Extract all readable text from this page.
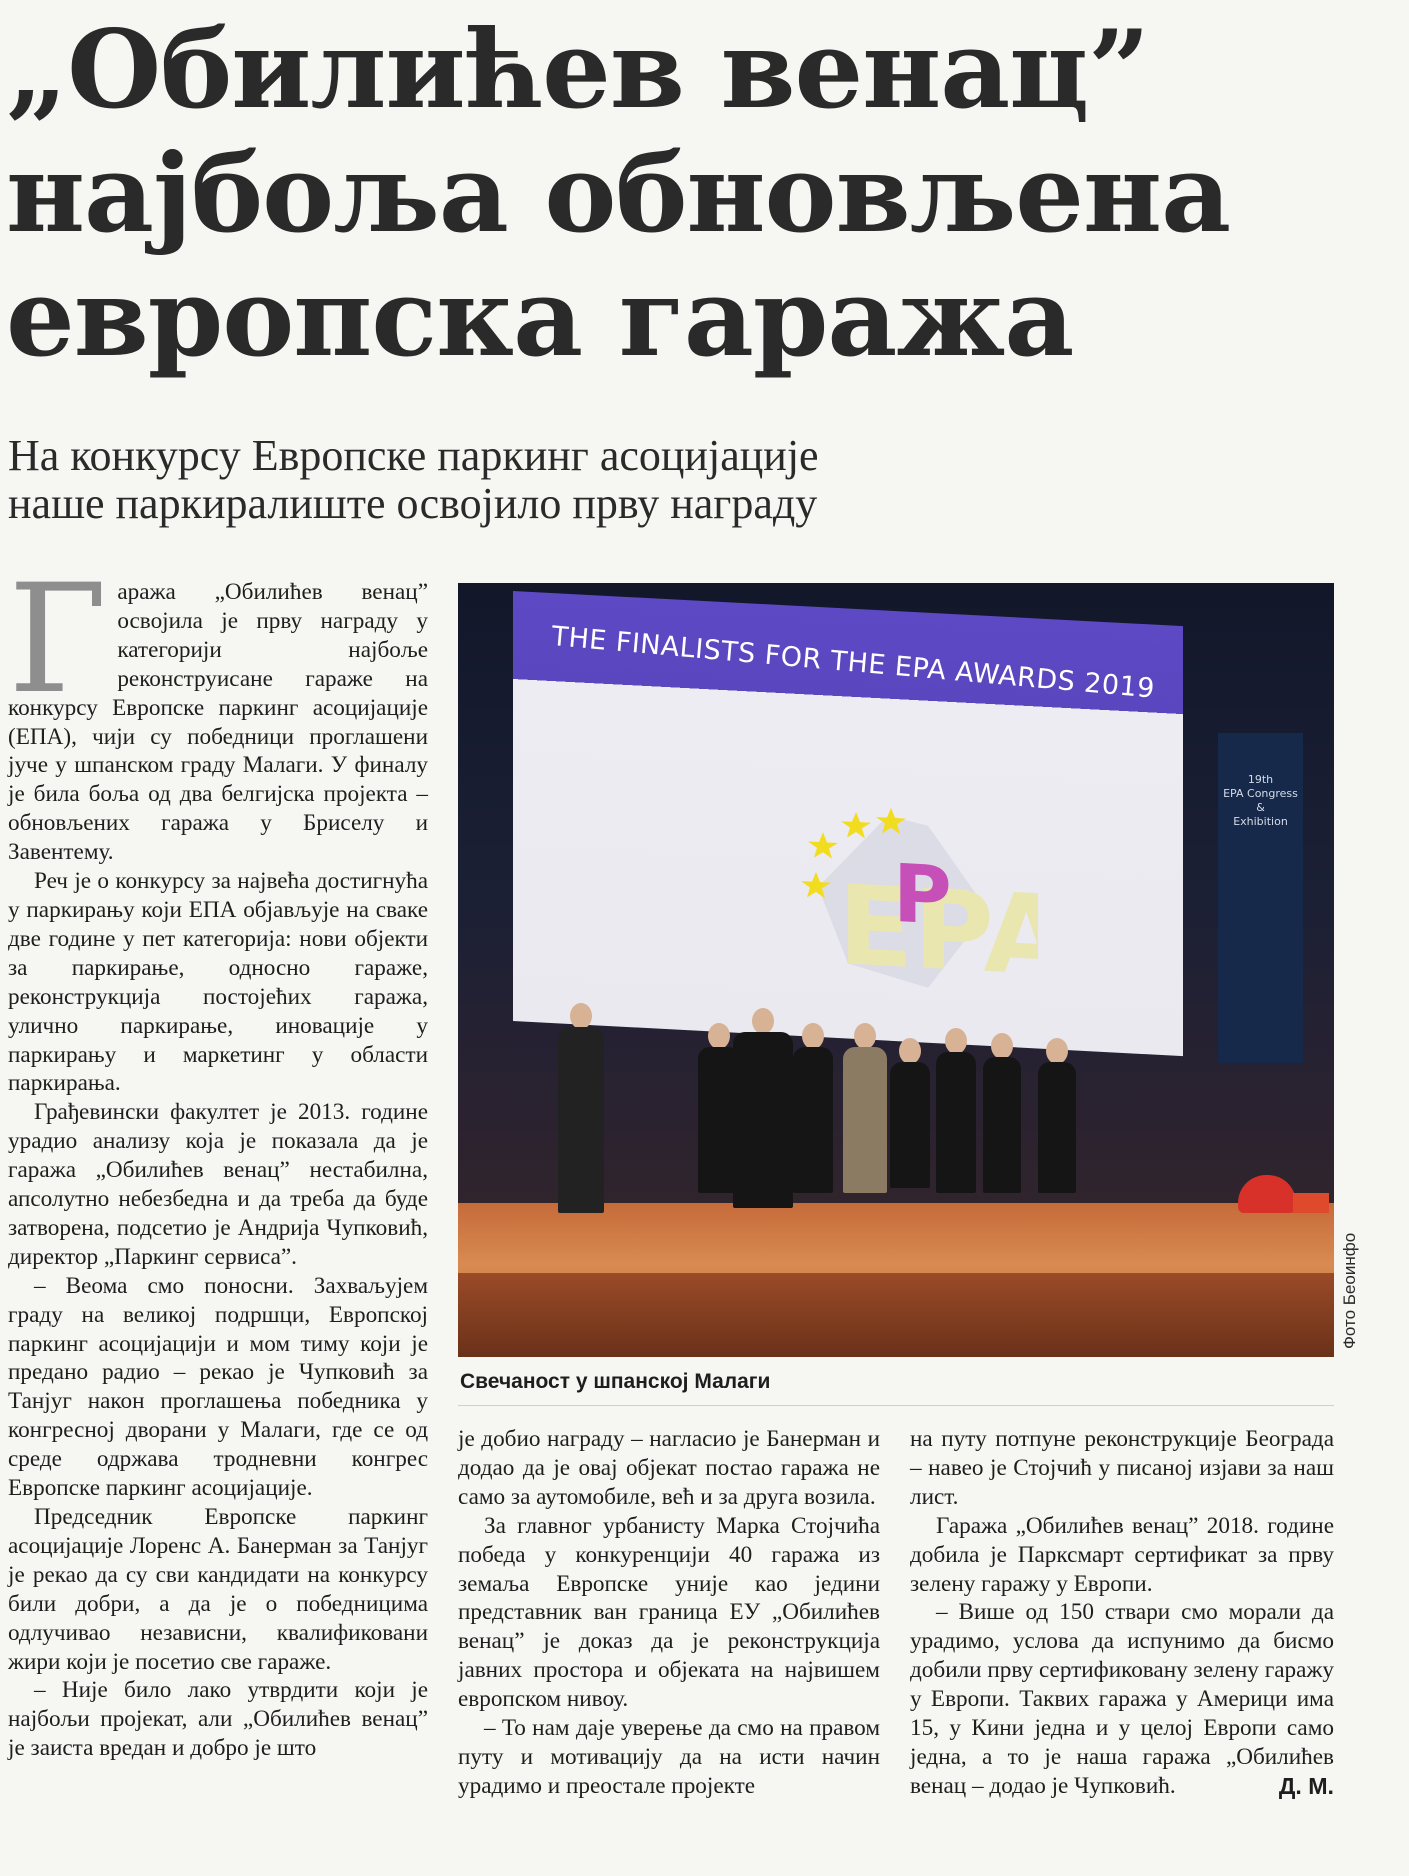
„Обилићев венац”
најбоља обновљена
европска гаража
На конкурсу Европске паркинг асоцијације
наше паркиралиште освојило прву награду

Гаража „Обилићев венац” освојила је прву награду у категорији најбоље реконструисане гараже на конкурсу Европске паркинг асоцијације (ЕПА), чији су победници проглашени јуче у шпанском граду Малаги. У финалу је била боља од два белгијска пројекта – обновљених гаража у Бриселу и Завентему.

Реч је о конкурсу за највећа достигнућа у паркирању који ЕПА објављује на сваке две године у пет категорија: нови објекти за паркирање, односно гараже, реконструкција постојећих гаража, улично паркирање, иновације у паркирању и маркетинг у области паркирања.

Грађевински факултет је 2013. године урадио анализу која је показала да је гаража „Обилићев венац” нестабилна, апсолутно небезбедна и да треба да буде затворена, подсетио је Андрија Чупковић, директор „Паркинг сервиса”.

– Веома смо поносни. Захваљујем граду на великој подршци, Европској паркинг асоцијацији и мом тиму који је предано радио – рекао је Чупковић за Танјуг након проглашења победника у конгресној дворани у Малаги, где се од среде одржава тродневни конгрес Европске паркинг асоцијације.

Председник Европске паркинг асоцијације Лоренс А. Банерман за Танјуг је рекао да су сви кандидати на конкурсу били добри, а да је о победницима одлучивао независни, квалификовани жири који је посетио све гараже.

– Није било лако утврдити који је најбољи пројекат, али „Обилићев венац” је заиста вредан и добро је што

EPA
P
THE FINALISTS FOR THE EPA AWARDS 2019
19th
EPA Congress
&
Exhibition
Фото Беоинфо

Свечаност у шпанској Малаги

је добио награду – нагласио је Банерман и додао да је овај објекат постао гаража не само за аутомобиле, већ и за друга возила.

За главног урбанисту Марка Стојчића победа у конкуренцији 40 гаража из земаља Европске уније као једини представник ван граница ЕУ „Обилићев венац” је доказ да је реконструкција јавних простора и објеката на највишем европском нивоу.

– То нам даје уверење да смо на правом путу и мотивацију да на исти начин урадимо и преостале пројекте

на путу потпуне реконструкције Београда – навео је Стојчић у писаној изјави за наш лист.

Гаража „Обилићев венац” 2018. године добила је Парксмарт сертификат за прву зелену гаражу у Европи.

– Више од 150 ствари смо морали да урадимо, услова да испунимо да бисмо добили прву сертификовану зелену гаражу у Европи. Таквих гаража у Америци има 15, у Кини једна и у целој Европи само једна, а то је наша гаража „Обилићев венац – додао је Чупковић.	Д. М.
